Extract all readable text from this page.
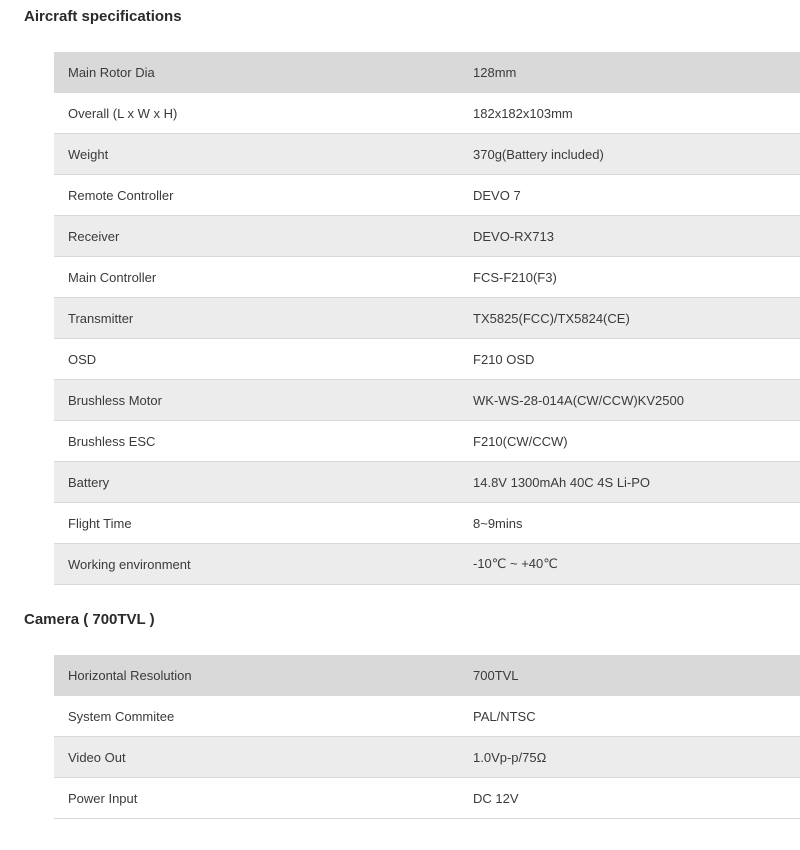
Aircraft specifications
Main Rotor Dia	128mm
Overall (L x W x H)	182x182x103mm
Weight	370g(Battery included)
Remote Controller	DEVO 7
Receiver	DEVO-RX713
Main Controller	FCS-F210(F3)
Transmitter	TX5825(FCC)/TX5824(CE)
OSD	F210 OSD
Brushless Motor	WK-WS-28-014A(CW/CCW)KV2500
Brushless ESC	F210(CW/CCW)
Battery	14.8V 1300mAh 40C 4S Li-PO
Flight Time	8~9mins
Working environment	-10℃ ~ +40℃
Camera ( 700TVL )
Horizontal Resolution	700TVL
System Commitee	PAL/NTSC
Video Out	1.0Vp-p/75Ω
Power Input	DC 12V
